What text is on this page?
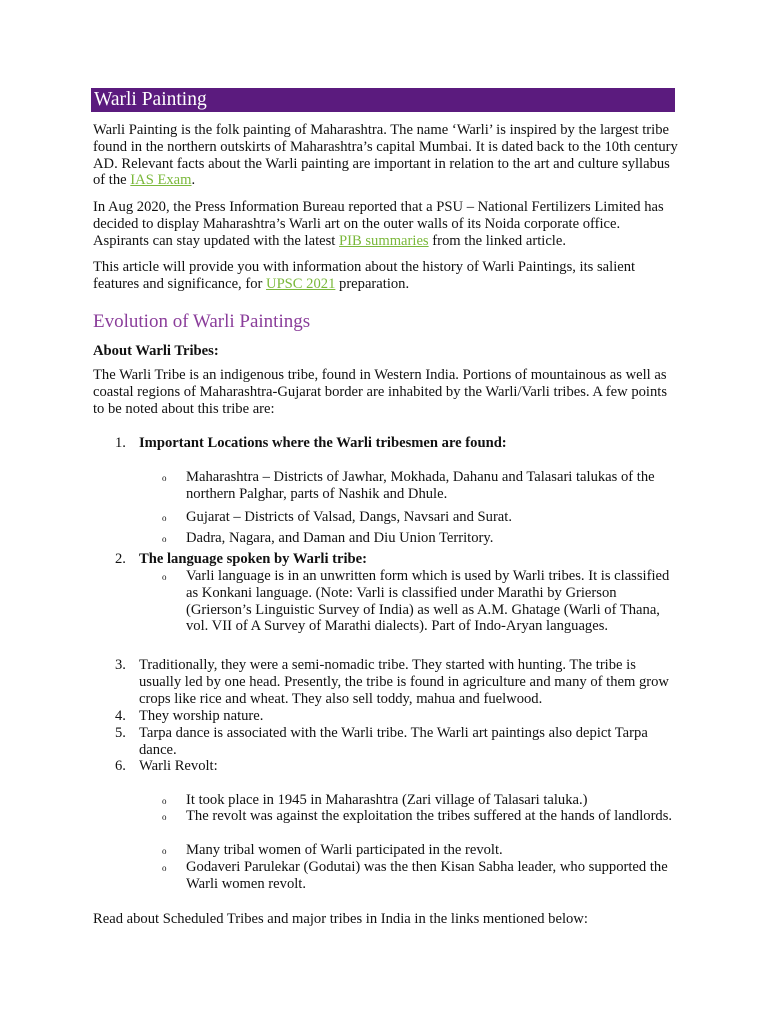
Warli Painting

Warli Painting is the folk painting of Maharashtra. The name ‘Warli’ is inspired by the largest tribe found in the northern outskirts of Maharashtra’s capital Mumbai. It is dated back to the 10th century AD. Relevant facts about the Warli painting are important in relation to the art and culture syllabus of the IAS Exam.

In Aug 2020, the Press Information Bureau reported that a PSU – National Fertilizers Limited has decided to display Maharashtra’s Warli art on the outer walls of its Noida corporate office. Aspirants can stay updated with the latest PIB summaries from the linked article.

This article will provide you with information about the history of Warli Paintings, its salient features and significance, for UPSC 2021 preparation.

Evolution of Warli Paintings
About Warli Tribes:

The Warli Tribe is an indigenous tribe, found in Western India. Portions of mountainous as well as coastal regions of Maharashtra-Gujarat border are inhabited by the Warli/Varli tribes. A few points to be noted about this tribe are:

1. Important Locations where the Warli tribesmen are found:
o Maharashtra – Districts of Jawhar, Mokhada, Dahanu and Talasari talukas of the northern Palghar, parts of Nashik and Dhule.

o Gujarat – Districts of Valsad, Dangs, Navsari and Surat.

o Dadra, Nagara, and Daman and Diu Union Territory.

2. The language spoken by Warli tribe:
o Varli language is in an unwritten form which is used by Warli tribes. It is classified as Konkani language. (Note: Varli is classified under Marathi by Grierson (Grierson’s Linguistic Survey of India) as well as A.M. Ghatage (Warli of Thana, vol. VII of A Survey of Marathi dialects). Part of Indo-Aryan languages.

3. Traditionally, they were a semi-nomadic tribe. They started with hunting. The tribe is usually led by one head. Presently, the tribe is found in agriculture and many of them grow crops like rice and wheat. They also sell toddy, mahua and fuelwood.

4. They worship nature.

5. Tarpa dance is associated with the Warli tribe. The Warli art paintings also depict Tarpa dance.

6. Warli Revolt:

o It took place in 1945 in Maharashtra (Zari village of Talasari taluka.)

o The revolt was against the exploitation the tribes suffered at the hands of landlords.

o Many tribal women of Warli participated in the revolt.

o Godaveri Parulekar (Godutai) was the then Kisan Sabha leader, who supported the Warli women revolt.

Read about Scheduled Tribes and major tribes in India in the links mentioned below:
